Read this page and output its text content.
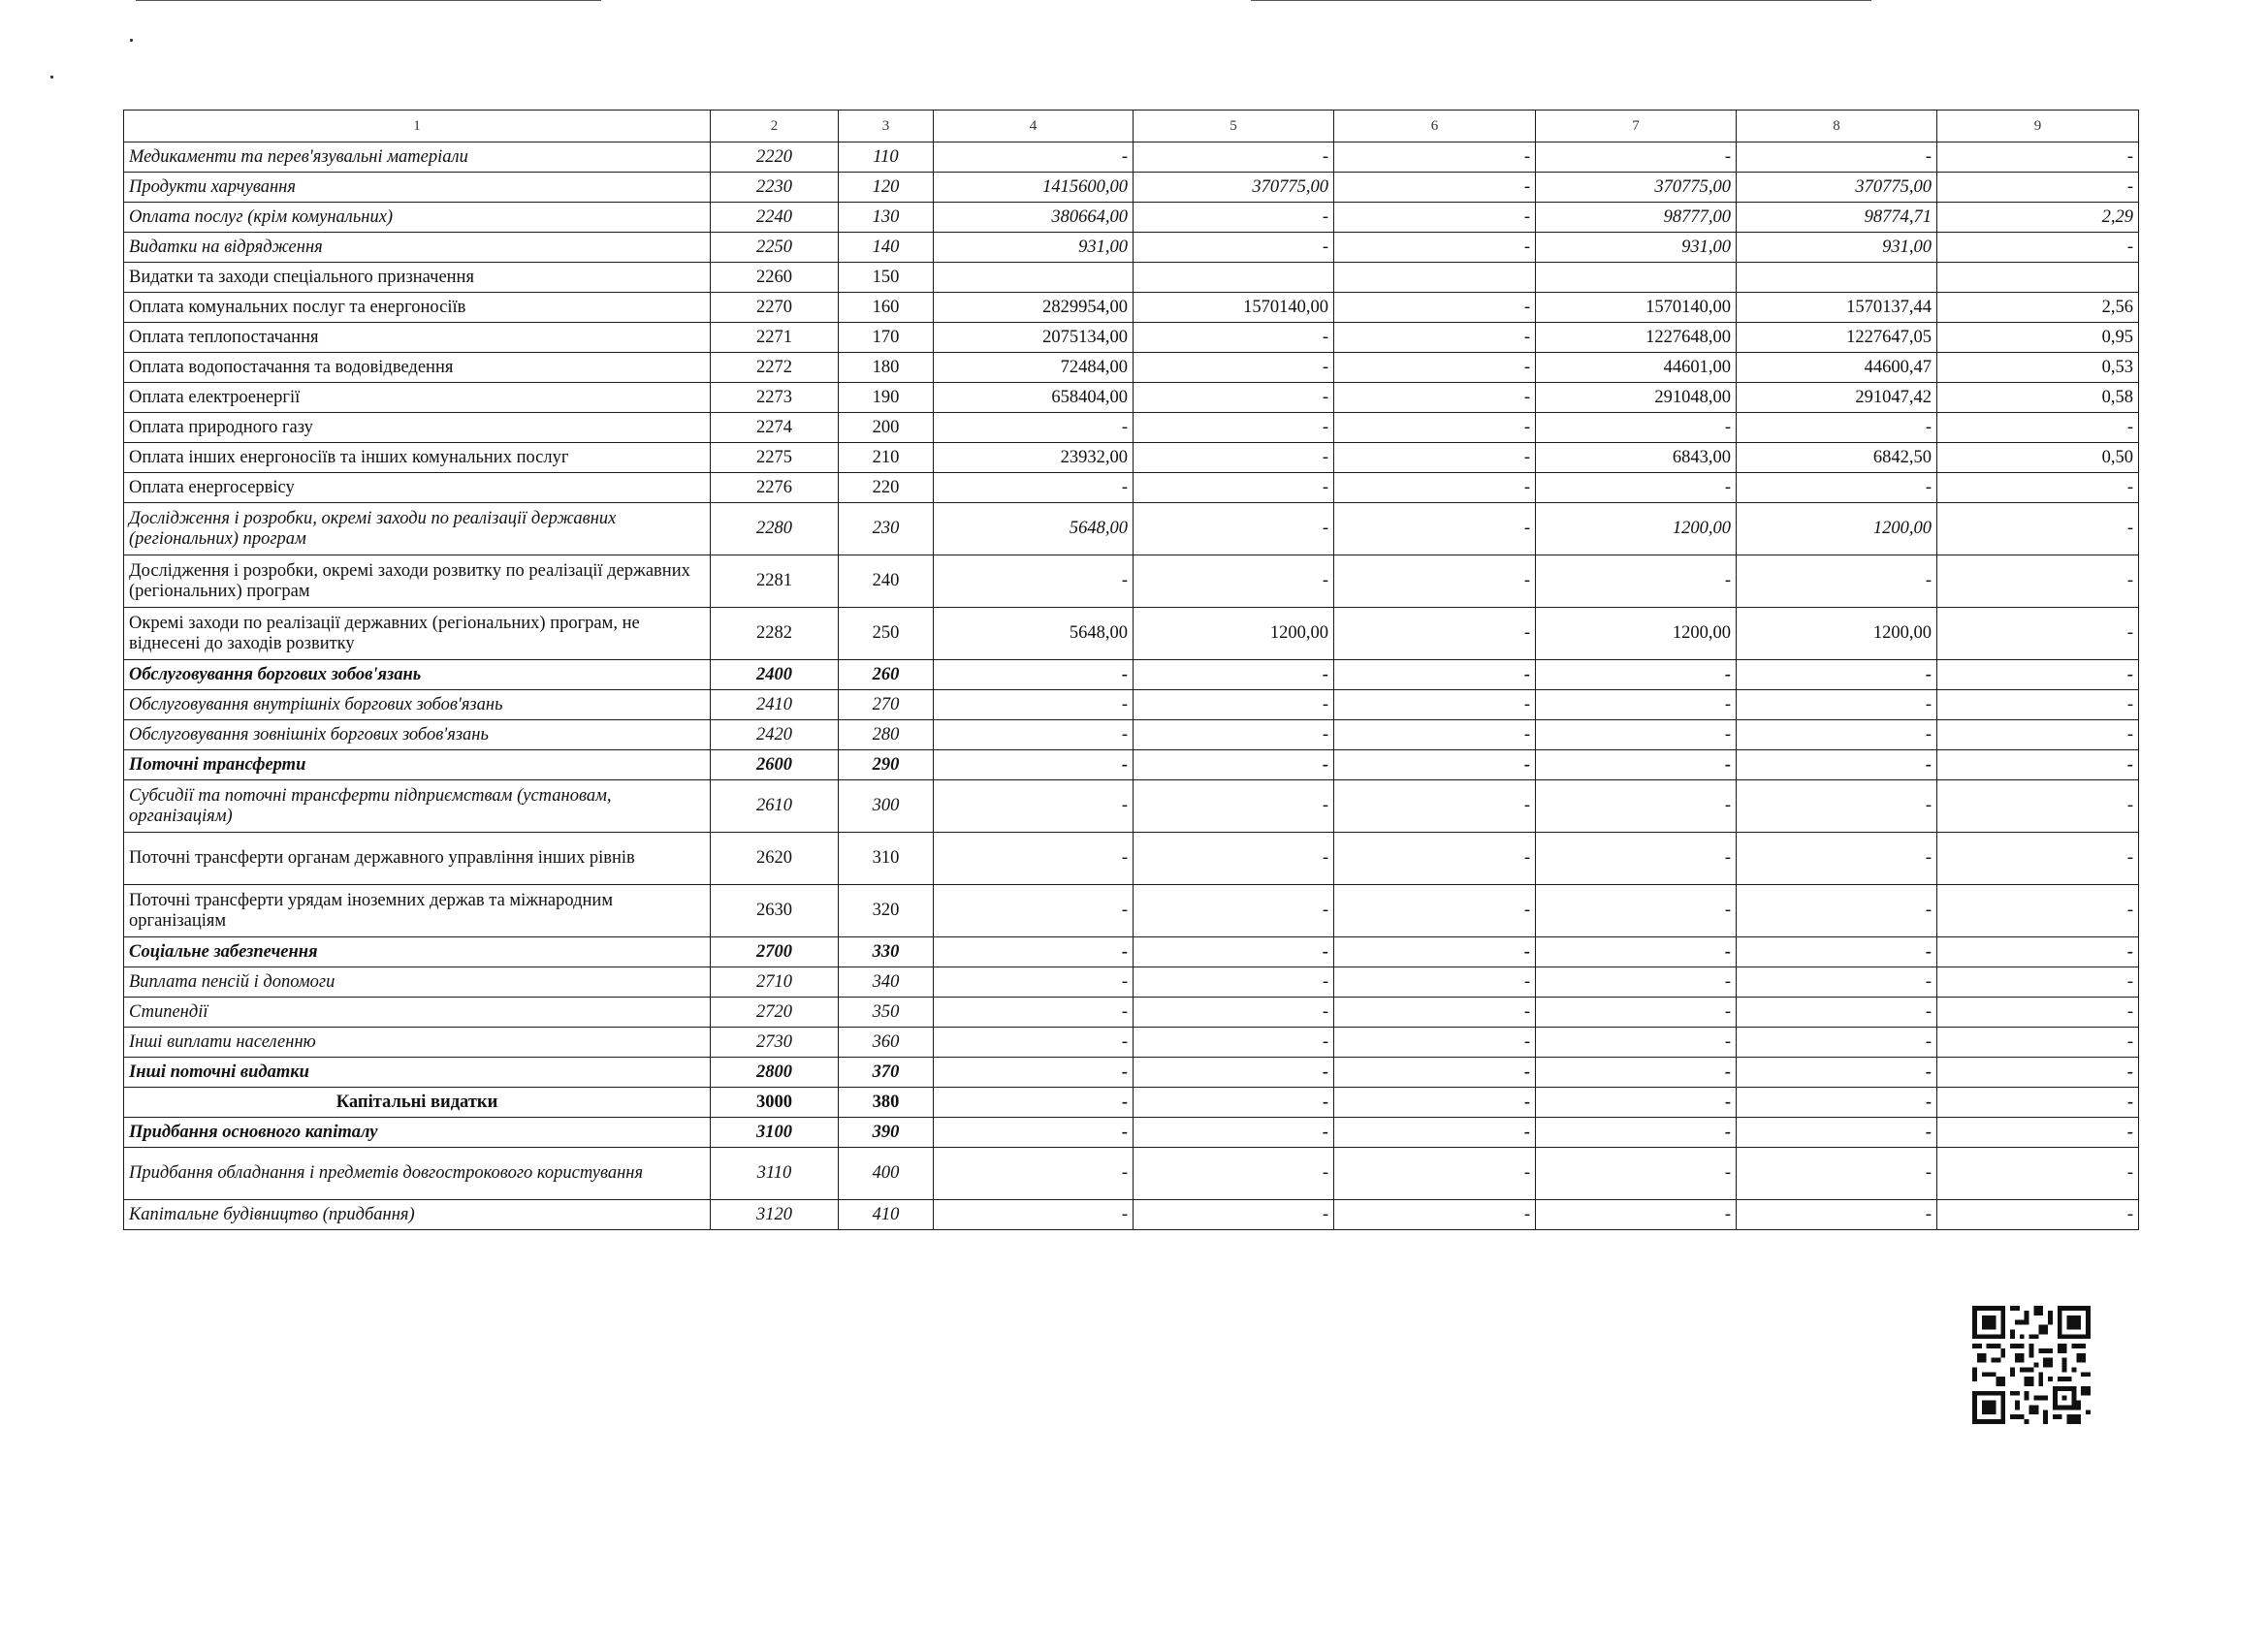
1	2	3	4	5	6	7	8	9
Медикаменти та перев'язувальні матеріали	2220	110	-	-	-	-	-	-
Продукти харчування	2230	120	1415600,00	370775,00	-	370775,00	370775,00	-
Оплата послуг (крім комунальних)	2240	130	380664,00	-	-	98777,00	98774,71	2,29
Видатки на відрядження	2250	140	931,00	-	-	931,00	931,00	-
Видатки та заходи спеціального призначення	2260	150						
Оплата комунальних послуг та енергоносіїв	2270	160	2829954,00	1570140,00	-	1570140,00	1570137,44	2,56
Оплата теплопостачання	2271	170	2075134,00	-	-	1227648,00	1227647,05	0,95
Оплата водопостачання та водовідведення	2272	180	72484,00	-	-	44601,00	44600,47	0,53
Оплата електроенергії	2273	190	658404,00	-	-	291048,00	291047,42	0,58
Оплата природного газу	2274	200	-	-	-	-	-	-
Оплата інших енергоносіїв та інших комунальних послуг	2275	210	23932,00	-	-	6843,00	6842,50	0,50
Оплата енергосервісу	2276	220	-	-	-	-	-	-
Дослідження і розробки, окремі заходи по реалізації державних (регіональних) програм	2280	230	5648,00	-	-	1200,00	1200,00	-
Дослідження і розробки, окремі заходи розвитку по реалізації державних (регіональних) програм	2281	240	-	-	-	-	-	-
Окремі заходи по реалізації державних (регіональних) програм, не віднесені до заходів розвитку	2282	250	5648,00	1200,00	-	1200,00	1200,00	-
Обслуговування боргових зобов'язань	2400	260	-	-	-	-	-	-
Обслуговування внутрішніх боргових зобов'язань	2410	270	-	-	-	-	-	-
Обслуговування зовнішніх боргових зобов'язань	2420	280	-	-	-	-	-	-
Поточні трансферти	2600	290	-	-	-	-	-	-
Субсидії та поточні трансферти підприємствам (установам, організаціям)	2610	300	-	-	-	-	-	-
Поточні трансферти органам державного управління інших рівнів	2620	310	-	-	-	-	-	-
Поточні трансферти урядам іноземних держав та міжнародним організаціям	2630	320	-	-	-	-	-	-
Соціальне забезпечення	2700	330	-	-	-	-	-	-
Виплата пенсій і допомоги	2710	340	-	-	-	-	-	-
Стипендії	2720	350	-	-	-	-	-	-
Інші виплати населенню	2730	360	-	-	-	-	-	-
Інші поточні видатки	2800	370	-	-	-	-	-	-
Капітальні видатки	3000	380	-	-	-	-	-	-
Придбання основного капіталу	3100	390	-	-	-	-	-	-
Придбання обладнання і предметів довгострокового користування	3110	400	-	-	-	-	-	-
Капітальне будівництво (придбання)	3120	410	-	-	-	-	-	-
